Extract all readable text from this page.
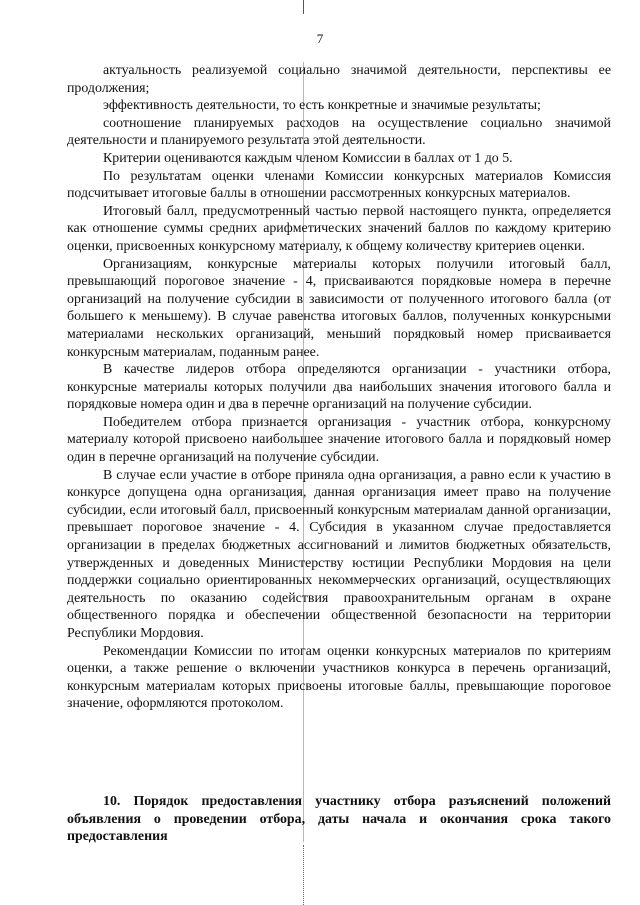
7

актуальность реализуемой социально значимой деятельности, перспективы ее продолжения;

эффективность деятельности, то есть конкретные и значимые результаты;

соотношение планируемых расходов на осуществление социально значимой деятельности и планируемого результата этой деятельности.

Критерии оцениваются каждым членом Комиссии в баллах от 1 до 5.

По результатам оценки членами Комиссии конкурсных материалов Комиссия подсчитывает итоговые баллы в отношении рассмотренных конкурсных материалов.

Итоговый балл, предусмотренный частью первой настоящего пункта, определяется как отношение суммы средних арифметических значений баллов по каждому критерию оценки, присвоенных конкурсному материалу, к общему количеству критериев оценки.

Организациям, конкурсные материалы которых получили итоговый балл, превышающий пороговое значение - 4, присваиваются порядковые номера в перечне организаций на получение субсидии в зависимости от полученного итогового балла (от большего к меньшему). В случае равенства итоговых баллов, полученных конкурсными материалами нескольких организаций, меньший порядковый номер присваивается конкурсным материалам, поданным ранее.

В качестве лидеров отбора определяются организации - участники отбора, конкурсные материалы которых получили два наибольших значения итогового балла и порядковые номера один и два в перечне организаций на получение субсидии.

Победителем отбора признается организация - участник отбора, конкурсному материалу которой присвоено наибольшее значение итогового балла и порядковый номер один в перечне организаций на получение субсидии.

В случае если участие в отборе приняла одна организация, а равно если к участию в конкурсе допущена одна организация, данная организация имеет право на получение субсидии, если итоговый балл, присвоенный конкурсным материалам данной организации, превышает пороговое значение - 4. Субсидия в указанном случае предоставляется организации в пределах бюджетных ассигнований и лимитов бюджетных обязательств, утвержденных и доведенных Министерству юстиции Республики Мордовия на цели поддержки социально ориентированных некоммерческих организаций, осуществляющих деятельность по оказанию содействия правоохранительным органам в охране общественного порядка и обеспечении общественной безопасности на территории Республики Мордовия.

Рекомендации Комиссии по итогам оценки конкурсных материалов по критериям оценки, а также решение о включении участников конкурса в перечень организаций, конкурсным материалам которых присвоены итоговые баллы, превышающие пороговое значение, оформляются протоколом.

10. Порядок предоставления участнику отбора разъяснений положений объявления о проведении отбора, даты начала и окончания срока такого предоставления
